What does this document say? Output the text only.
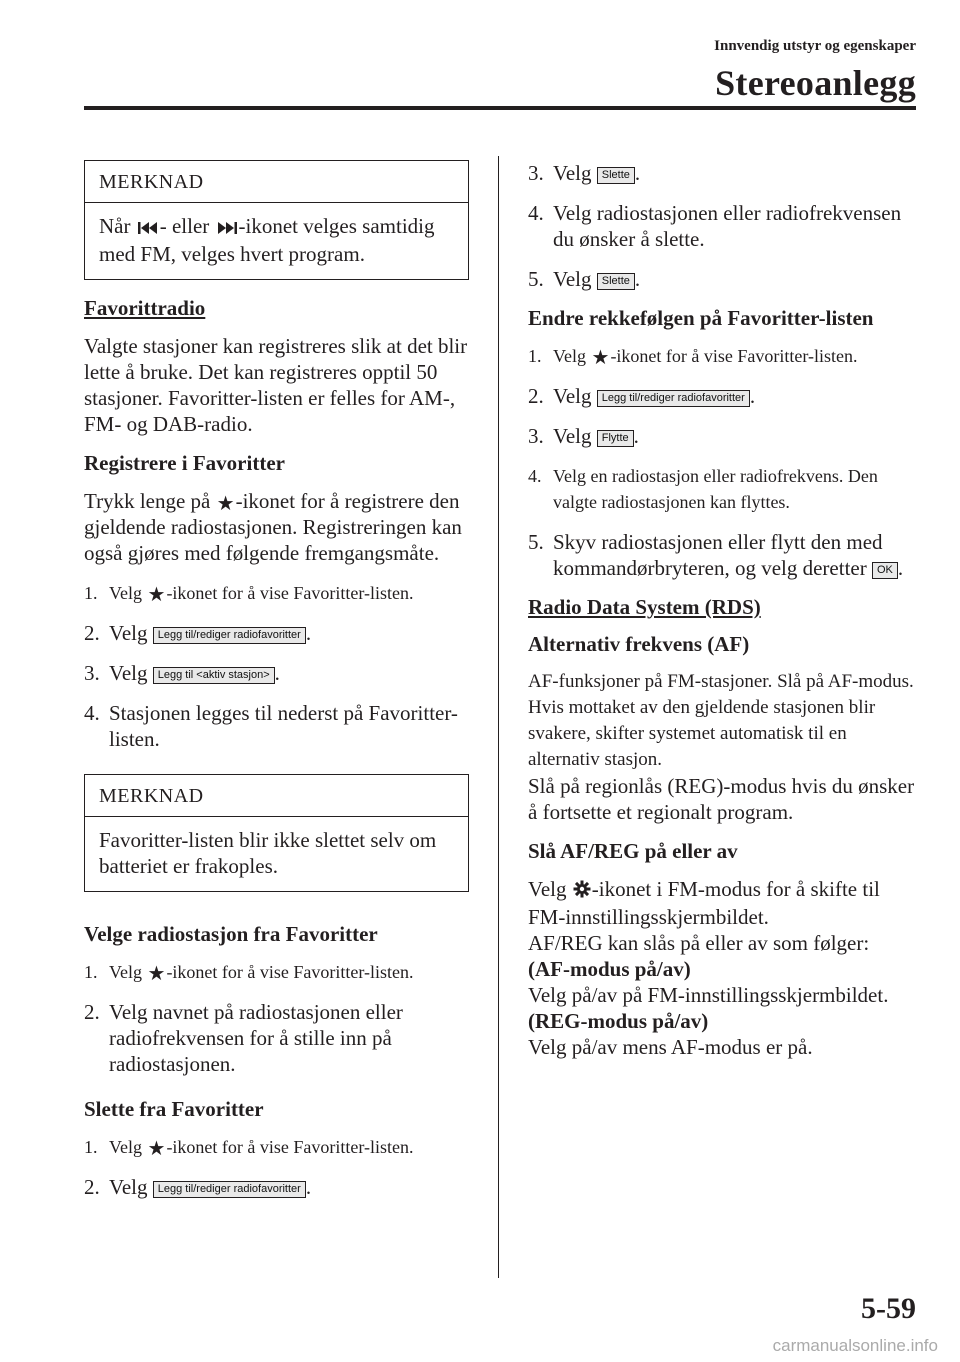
Innvendig utstyr og egenskaper
Stereoanlegg
MERKNAD
Når - eller -ikonet velges samtidig med FM, velges hvert program.
Favorittradio
Valgte stasjoner kan registreres slik at det blir lette å bruke. Det kan registreres opptil 50 stasjoner. Favoritter-listen er felles for AM-, FM- og DAB-radio.
Registrere i Favoritter
Trykk lenge på ★-ikonet for å registrere den gjeldende radiostasjonen. Registreringen kan også gjøres med følgende fremgangsmåte.
1. Velg ★-ikonet for å vise Favoritter-listen.
2. Velg Legg til/rediger radiofavoritter .
3. Velg Legg til <aktiv stasjon> .
4. Stasjonen legges til nederst på Favoritter-listen.
MERKNAD
Favoritter-listen blir ikke slettet selv om batteriet er frakoples.
Velge radiostasjon fra Favoritter
1. Velg ★-ikonet for å vise Favoritter-listen.
2. Velg navnet på radiostasjonen eller radiofrekvensen for å stille inn på radiostasjonen.
Slette fra Favoritter
1. Velg ★-ikonet for å vise Favoritter-listen.
2. Velg Legg til/rediger radiofavoritter .
3. Velg Slette .
4. Velg radiostasjonen eller radiofrekvensen du ønsker å slette.
5. Velg Slette .
Endre rekkefølgen på Favoritter-listen
1. Velg ★-ikonet for å vise Favoritter-listen.
2. Velg Legg til/rediger radiofavoritter .
3. Velg Flytte .
4. Velg en radiostasjon eller radiofrekvens. Den valgte radiostasjonen kan flyttes.
5. Skyv radiostasjonen eller flytt den med kommandørbryteren, og velg deretter OK .
Radio Data System (RDS)
Alternativ frekvens (AF)
AF-funksjoner på FM-stasjoner. Slå på AF-modus. Hvis mottaket av den gjeldende stasjonen blir svakere, skifter systemet automatisk til en alternativ stasjon.
Slå på regionlås (REG)-modus hvis du ønsker å fortsette et regionalt program.
Slå AF/REG på eller av
Velg -ikonet i FM-modus for å skifte til FM-innstillingsskjermbildet.
AF/REG kan slås på eller av som følger:
(AF-modus på/av)
Velg på/av på FM-innstillingsskjermbildet.
(REG-modus på/av)
Velg på/av mens AF-modus er på.
5-59
carmanualsonline.info
